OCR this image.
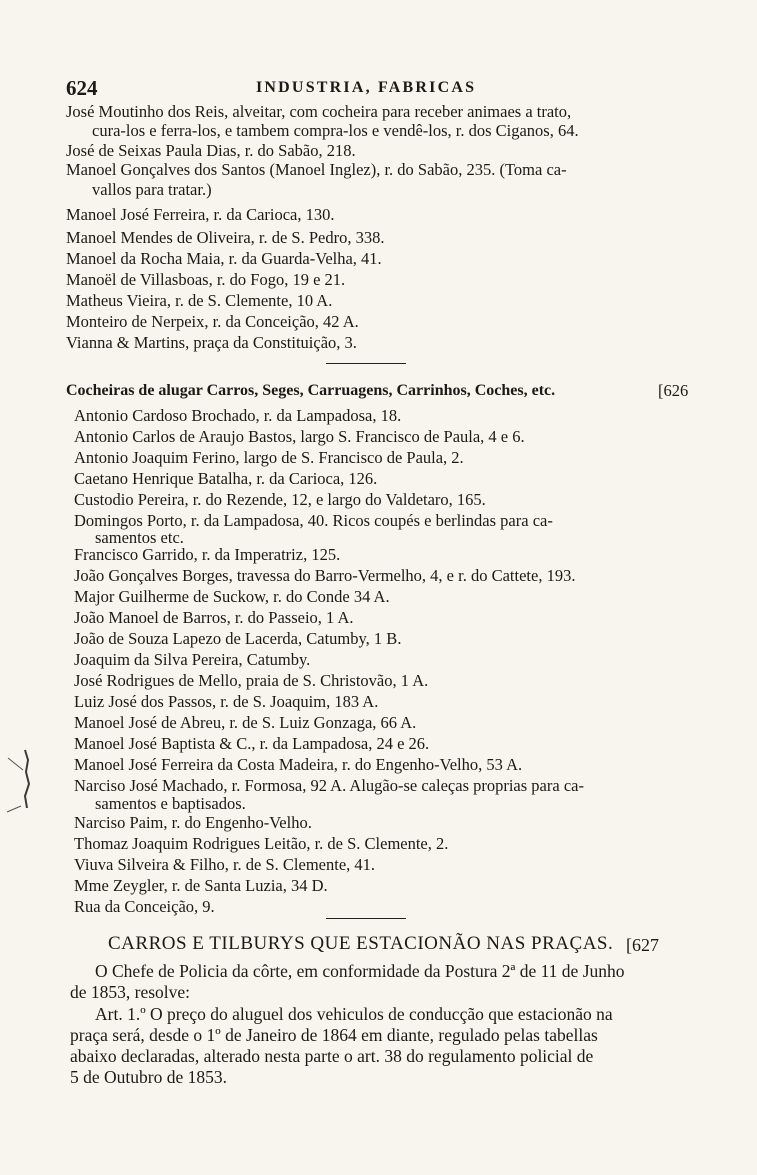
624	INDUSTRIA, FABRICAS
José Moutinho dos Reis, alveitar, com cocheira para receber animaes a trato,
cura-los e ferra-los, e tambem compra-los e vendê-los, r. dos Ciganos, 64.
José de Seixas Paula Dias, r. do Sabão, 218.
Manoel Gonçalves dos Santos (Manoel Inglez), r. do Sabão, 235. (Toma ca-
vallos para tratar.)
Manoel José Ferreira, r. da Carioca, 130.
Manoel Mendes de Oliveira, r. de S. Pedro, 338.
Manoel da Rocha Maia, r. da Guarda-Velha, 41.
Manoël de Villasboas, r. do Fogo, 19 e 21.
Matheus Vieira, r. de S. Clemente, 10 A.
Monteiro de Nerpeix, r. da Conceição, 42 A.
Vianna & Martins, praça da Constituição, 3.
Cocheiras de alugar Carros, Seges, Carruagens, Carrinhos, Coches, etc.	[626
Antonio Cardoso Brochado, r. da Lampadosa, 18.
Antonio Carlos de Araujo Bastos, largo S. Francisco de Paula, 4 e 6.
Antonio Joaquim Ferino, largo de S. Francisco de Paula, 2.
Caetano Henrique Batalha, r. da Carioca, 126.
Custodio Pereira, r. do Rezende, 12, e largo do Valdetaro, 165.
Domingos Porto, r. da Lampadosa, 40. Ricos coupés e berlindas para ca-
samentos etc.
Francisco Garrido, r. da Imperatriz, 125.
João Gonçalves Borges, travessa do Barro-Vermelho, 4, e r. do Cattete, 193.
Major Guilherme de Suckow, r. do Conde 34 A.
João Manoel de Barros, r. do Passeio, 1 A.
João de Souza Lapezo de Lacerda, Catumby, 1 B.
Joaquim da Silva Pereira, Catumby.
José Rodrigues de Mello, praia de S. Christovão, 1 A.
Luiz José dos Passos, r. de S. Joaquim, 183 A.
Manoel José de Abreu, r. de S. Luiz Gonzaga, 66 A.
Manoel José Baptista & C., r. da Lampadosa, 24 e 26.
Manoel José Ferreira da Costa Madeira, r. do Engenho-Velho, 53 A.
Narciso José Machado, r. Formosa, 92 A. Alugão-se caleças proprias para ca-
samentos e baptisados.
Narciso Paim, r. do Engenho-Velho.
Thomaz Joaquim Rodrigues Leitão, r. de S. Clemente, 2.
Viuva Silveira & Filho, r. de S. Clemente, 41.
Mme Zeygler, r. de Santa Luzia, 34 D.
Rua da Conceição, 9.
CARROS E TILBURYS QUE ESTACIONÃO NAS PRAÇAS. [627
O Chefe de Policia da côrte, em conformidade da Postura 2ª de 11 de Junho
de 1853, resolve:
Art. 1.º O preço do aluguel dos vehiculos de conducção que estacionão na
praça será, desde o 1º de Janeiro de 1864 em diante, regulado pelas tabellas
abaixo declaradas, alterado nesta parte o art. 38 do regulamento policial de
5 de Outubro de 1853.
